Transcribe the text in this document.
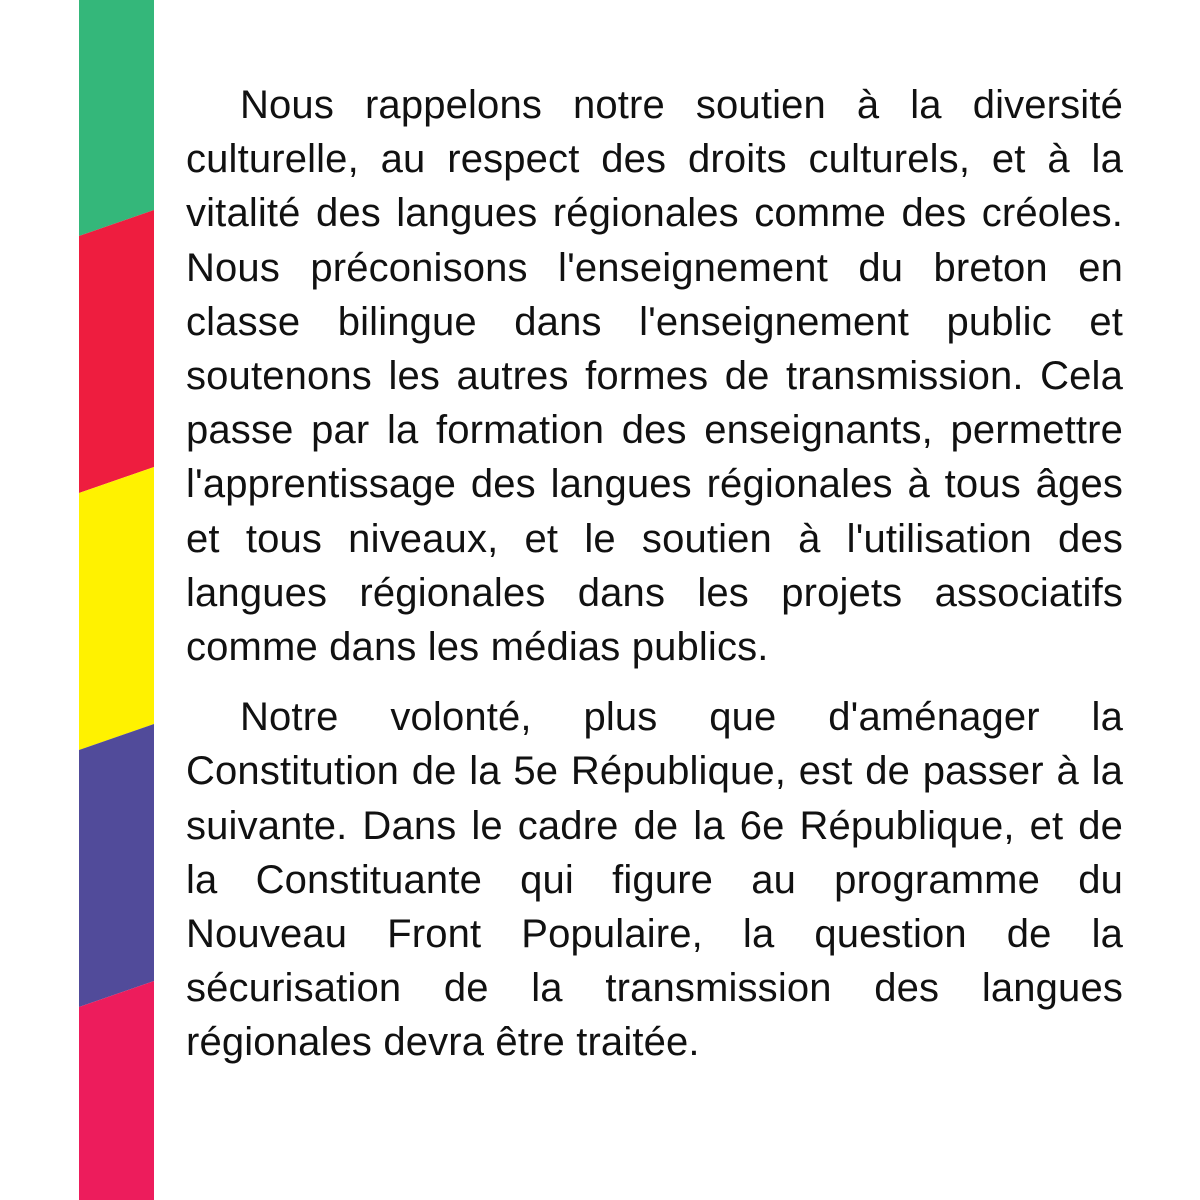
Nous rappelons notre soutien à la diversité culturelle, au respect des droits culturels, et à la vitalité des langues régionales comme des créoles. Nous préconisons l'enseignement du breton en classe bilingue dans l'enseignement public et soutenons les autres formes de transmission. Cela passe par la formation des enseignants, permettre l'apprentissage des langues régionales à tous âges et tous niveaux, et le soutien à l'utilisation des langues régionales dans les projets associatifs comme dans les médias publics.

Notre volonté, plus que d'aménager la Constitution de la 5e République, est de passer à la suivante. Dans le cadre de la 6e République, et de la Constituante qui figure au programme du Nouveau Front Populaire, la question de la sécurisation de la transmission des langues régionales devra être traitée.
